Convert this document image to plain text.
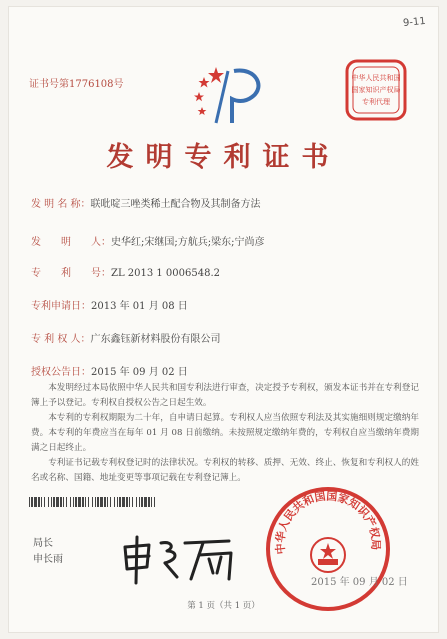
9-11
证书号第1776108号
中华人民共和国
国家知识产权局
专利代理
发明专利证书
发 明 名 称：联吡啶三唑类稀土配合物及其制备方法
发　　明　　人：史华红;宋继国;方航兵;梁东;宁尚彦
专　　利　　号：ZL 2013 1 0006548.2
专利申请日：2013 年 01 月 08 日
专 利 权 人：广东鑫钰新材料股份有限公司
授权公告日：2015 年 09 月 02 日

本发明经过本局依照中华人民共和国专利法进行审查，决定授予专利权，颁发本证书并在专利登记簿上予以登记。专利权自授权公告之日起生效。

本专利的专利权期限为二十年，自申请日起算。专利权人应当依照专利法及其实施细则规定缴纳年费。本专利的年费应当在每年 01 月 08 日前缴纳。未按照规定缴纳年费的，专利权自应当缴纳年费期满之日起终止。

专利证书记载专利权登记时的法律状况。专利权的转移、质押、无效、终止、恢复和专利权人的姓名或名称、国籍、地址变更等事项记载在专利登记簿上。

局长
申长雨
中华人民共和国国家知识产权局
2015 年 09 月 02 日
第 1 页（共 1 页）
